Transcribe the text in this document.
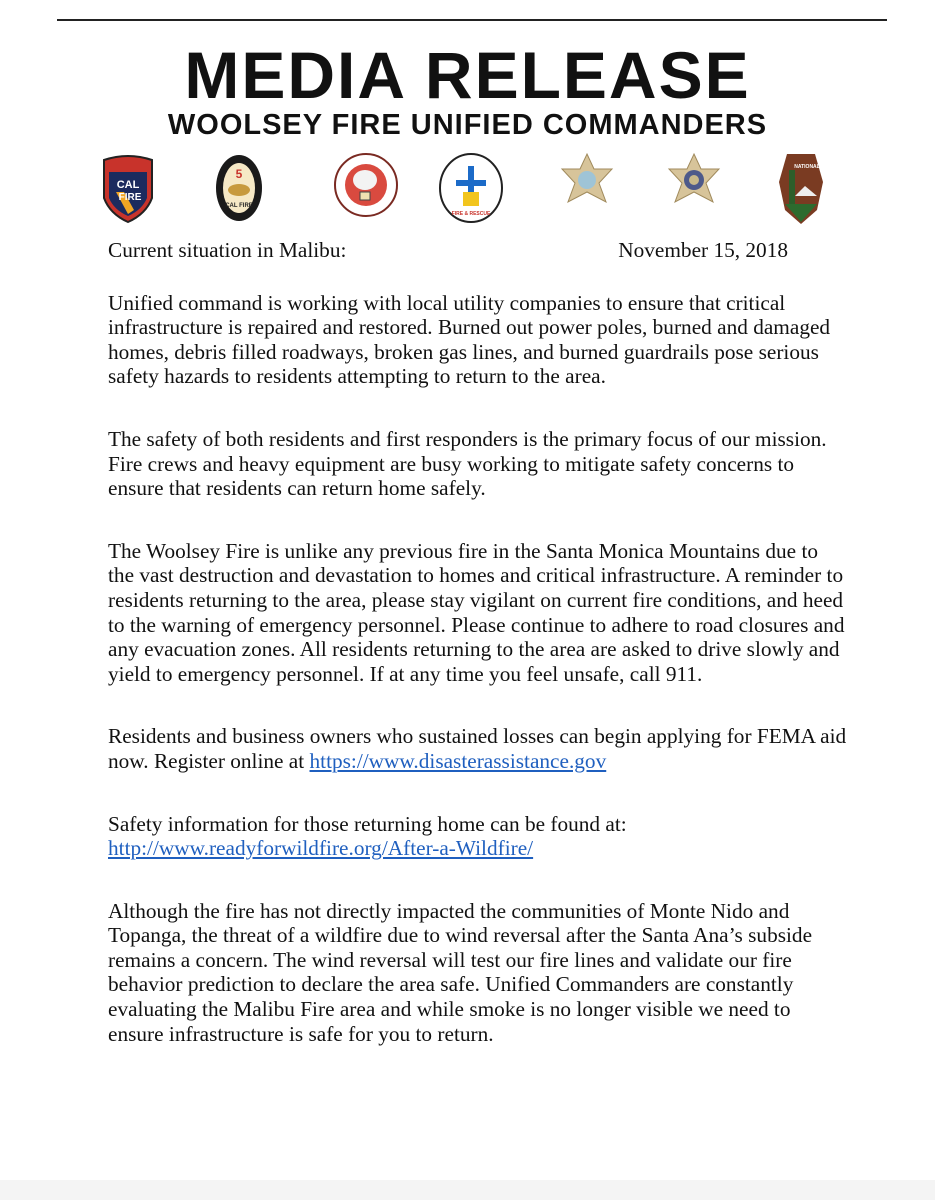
MEDIA RELEASE
WOOLSEY FIRE UNIFIED COMMANDERS
CAL
FIRE
5
CAL FIRE
FIRE & RESCUE
NATIONAL
Current situation in Malibu:	November 15, 2018

Unified command is working with local utility companies to ensure that critical infrastructure is repaired and restored. Burned out power poles, burned and damaged homes, debris filled roadways, broken gas lines, and burned guardrails pose serious safety hazards to residents attempting to return to the area.

The safety of both residents and first responders is the primary focus of our mission. Fire crews and heavy equipment are busy working to mitigate safety concerns to ensure that residents can return home safely.

The Woolsey Fire is unlike any previous fire in the Santa Monica Mountains due to the vast destruction and devastation to homes and critical infrastructure. A reminder to residents returning to the area, please stay vigilant on current fire conditions, and heed to the warning of emergency personnel. Please continue to adhere to road closures and any evacuation zones. All residents returning to the area are asked to drive slowly and yield to emergency personnel. If at any time you feel unsafe, call 911.

Residents and business owners who sustained losses can begin applying for FEMA aid now. Register online at https://www.disasterassistance.gov

Safety information for those returning home can be found at:
http://www.readyforwildfire.org/After-a-Wildfire/

Although the fire has not directly impacted the communities of Monte Nido and Topanga, the threat of a wildfire due to wind reversal after the Santa Ana’s subside remains a concern. The wind reversal will test our fire lines and validate our fire behavior prediction to declare the area safe. Unified Commanders are constantly evaluating the Malibu Fire area and while smoke is no longer visible we need to ensure infrastructure is safe for you to return.
